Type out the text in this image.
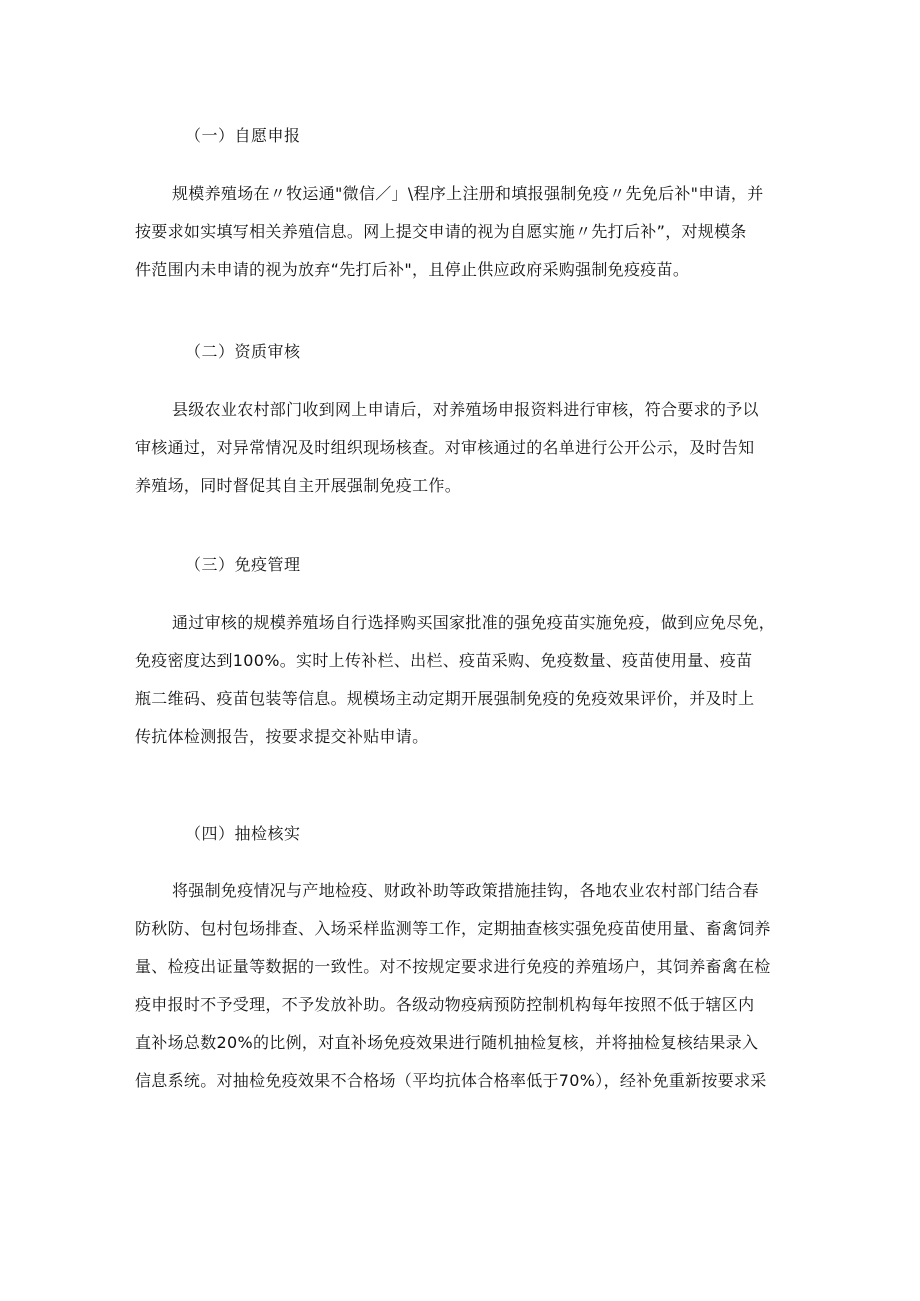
（一）自愿申报
规模养殖场在〃牧运通"微信／」\程序上注册和填报强制免疫〃先免后补"申请，并
按要求如实填写相关养殖信息。网上提交申请的视为自愿实施〃先打后补”，对规模条
件范围内未申请的视为放弃“先打后补"，且停止供应政府采购强制免疫疫苗。
（二）资质审核
县级农业农村部门收到网上申请后，对养殖场申报资料进行审核，符合要求的予以
审核通过，对异常情况及时组织现场核查。对审核通过的名单进行公开公示，及时告知
养殖场，同时督促其自主开展强制免疫工作。
（三）免疫管理
通过审核的规模养殖场自行选择购买国家批准的强免疫苗实施免疫，做到应免尽免，
免疫密度达到100%。实时上传补栏、出栏、疫苗采购、免疫数量、疫苗使用量、疫苗
瓶二维码、疫苗包装等信息。规模场主动定期开展强制免疫的免疫效果评价，并及时上
传抗体检测报告，按要求提交补贴申请。
（四）抽检核实
将强制免疫情况与产地检疫、财政补助等政策措施挂钩，各地农业农村部门结合春
防秋防、包村包场排查、入场采样监测等工作，定期抽查核实强免疫苗使用量、畜禽饲养
量、检疫出证量等数据的一致性。对不按规定要求进行免疫的养殖场户，其饲养畜禽在检
疫申报时不予受理，不予发放补助。各级动物疫病预防控制机构每年按照不低于辖区内
直补场总数20%的比例，对直补场免疫效果进行随机抽检复核，并将抽检复核结果录入
信息系统。对抽检免疫效果不合格场（平均抗体合格率低于70%），经补免重新按要求采
